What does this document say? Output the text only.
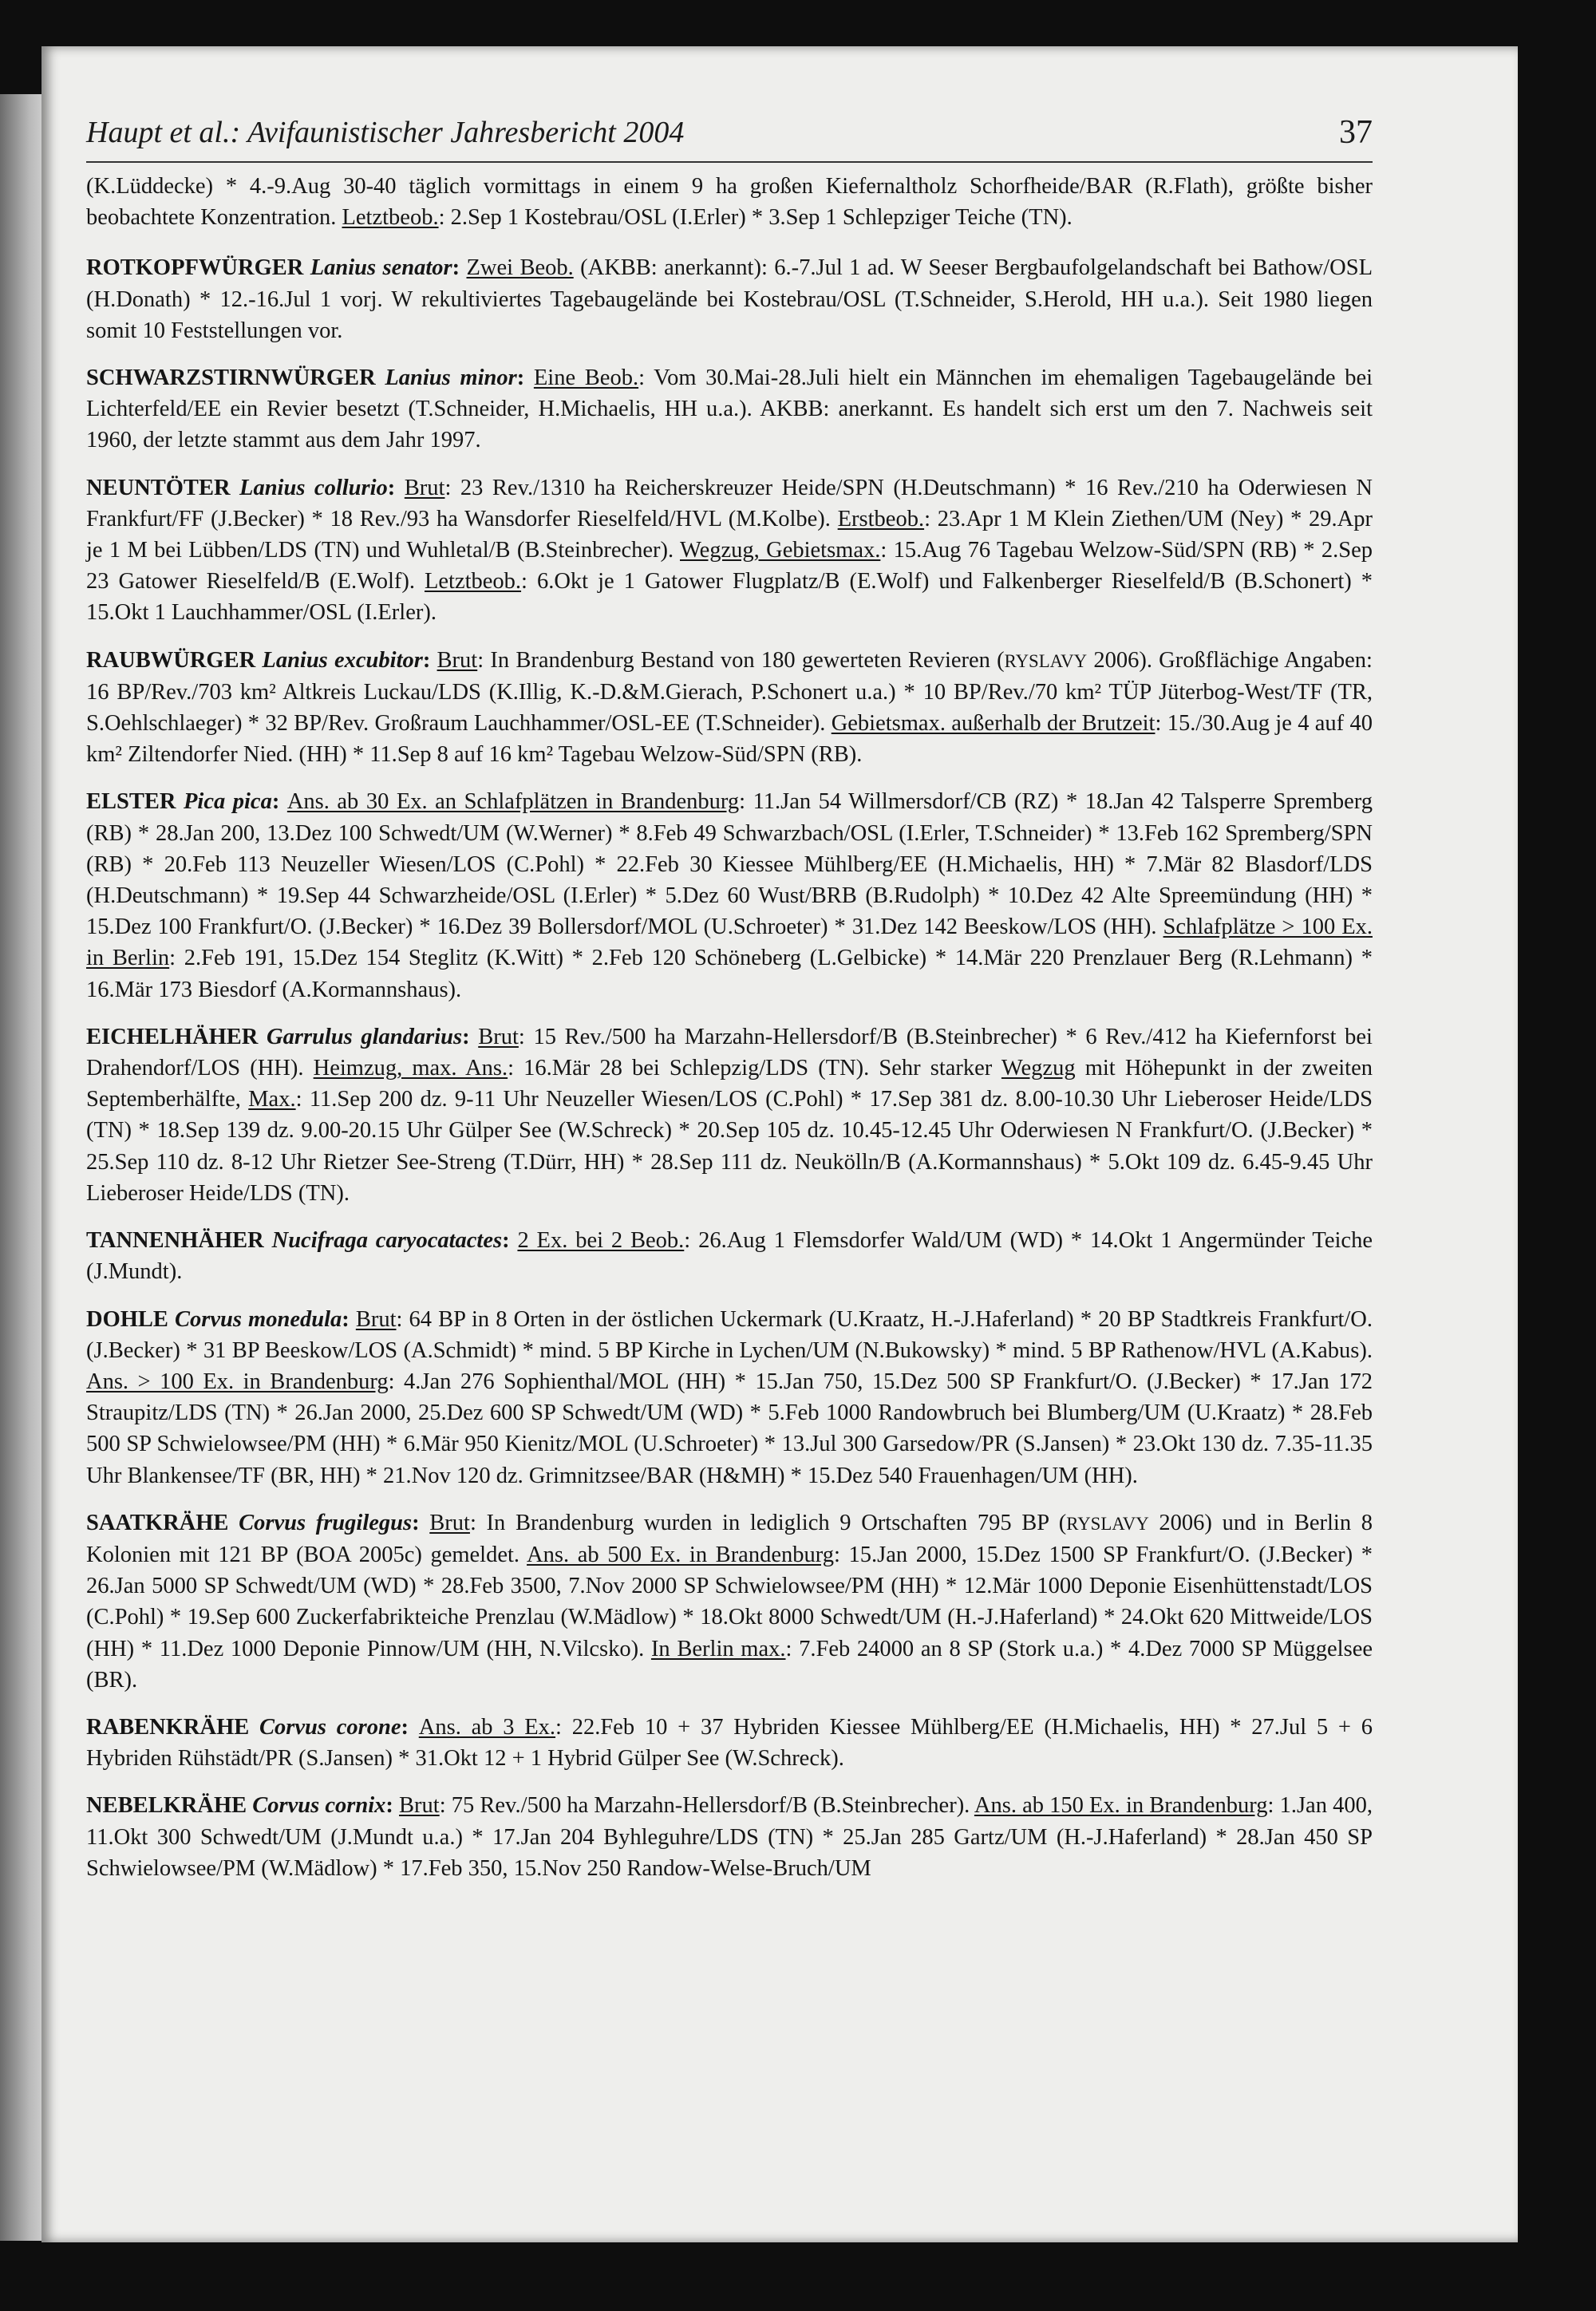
Haupt et al.: Avifaunistischer Jahresbericht 2004	37

(K.Lüddecke) * 4.-9.Aug 30-40 täglich vormittags in einem 9 ha großen Kiefernaltholz Schorfheide/BAR (R.Flath), größte bisher beobachtete Konzentration. Letztbeob.: 2.Sep 1 Kostebrau/OSL (I.Erler) * 3.Sep 1 Schlepziger Teiche (TN).

ROTKOPFWÜRGER Lanius senator: Zwei Beob. (AKBB: anerkannt): 6.-7.Jul 1 ad. W Seeser Bergbaufolgelandschaft bei Bathow/OSL (H.Donath) * 12.-16.Jul 1 vorj. W rekultiviertes Tagebaugelände bei Kostebrau/OSL (T.Schneider, S.Herold, HH u.a.). Seit 1980 liegen somit 10 Feststellungen vor.

SCHWARZSTIRNWÜRGER Lanius minor: Eine Beob.: Vom 30.Mai-28.Juli hielt ein Männchen im ehemaligen Tagebaugelände bei Lichterfeld/EE ein Revier besetzt (T.Schneider, H.Michaelis, HH u.a.). AKBB: anerkannt. Es handelt sich erst um den 7. Nachweis seit 1960, der letzte stammt aus dem Jahr 1997.

NEUNTÖTER Lanius collurio: Brut: 23 Rev./1310 ha Reicherskreuzer Heide/SPN (H.Deutschmann) * 16 Rev./210 ha Oderwiesen N Frankfurt/FF (J.Becker) * 18 Rev./93 ha Wansdorfer Rieselfeld/HVL (M.Kolbe). Erstbeob.: 23.Apr 1 M Klein Ziethen/UM (Ney) * 29.Apr je 1 M bei Lübben/LDS (TN) und Wuhletal/B (B.Steinbrecher). Wegzug, Gebietsmax.: 15.Aug 76 Tagebau Welzow-Süd/SPN (RB) * 2.Sep 23 Gatower Rieselfeld/B (E.Wolf). Letztbeob.: 6.Okt je 1 Gatower Flugplatz/B (E.Wolf) und Falkenberger Rieselfeld/B (B.Schonert) * 15.Okt 1 Lauchhammer/OSL (I.Erler).

RAUBWÜRGER Lanius excubitor: Brut: In Brandenburg Bestand von 180 gewerteten Revieren (RYSLAVY 2006). Großflächige Angaben: 16 BP/Rev./703 km² Altkreis Luckau/LDS (K.Illig, K.-D.&M.Gierach, P.Schonert u.a.) * 10 BP/Rev./70 km² TÜP Jüterbog-West/TF (TR, S.Oehlschlaeger) * 32 BP/Rev. Großraum Lauchhammer/OSL-EE (T.Schneider). Gebietsmax. außerhalb der Brutzeit: 15./30.Aug je 4 auf 40 km² Ziltendorfer Nied. (HH) * 11.Sep 8 auf 16 km² Tagebau Welzow-Süd/SPN (RB).

ELSTER Pica pica: Ans. ab 30 Ex. an Schlafplätzen in Brandenburg: 11.Jan 54 Willmersdorf/CB (RZ) * 18.Jan 42 Talsperre Spremberg (RB) * 28.Jan 200, 13.Dez 100 Schwedt/UM (W.Werner) * 8.Feb 49 Schwarzbach/OSL (I.Erler, T.Schneider) * 13.Feb 162 Spremberg/SPN (RB) * 20.Feb 113 Neuzeller Wiesen/LOS (C.Pohl) * 22.Feb 30 Kiessee Mühlberg/EE (H.Michaelis, HH) * 7.Mär 82 Blasdorf/LDS (H.Deutschmann) * 19.Sep 44 Schwarzheide/OSL (I.Erler) * 5.Dez 60 Wust/BRB (B.Rudolph) * 10.Dez 42 Alte Spreemündung (HH) * 15.Dez 100 Frankfurt/O. (J.Becker) * 16.Dez 39 Bollersdorf/MOL (U.Schroeter) * 31.Dez 142 Beeskow/LOS (HH). Schlafplätze > 100 Ex. in Berlin: 2.Feb 191, 15.Dez 154 Steglitz (K.Witt) * 2.Feb 120 Schöneberg (L.Gelbicke) * 14.Mär 220 Prenzlauer Berg (R.Lehmann) * 16.Mär 173 Biesdorf (A.Kormannshaus).

EICHELHÄHER Garrulus glandarius: Brut: 15 Rev./500 ha Marzahn-Hellersdorf/B (B.Steinbrecher) * 6 Rev./412 ha Kiefernforst bei Drahendorf/LOS (HH). Heimzug, max. Ans.: 16.Mär 28 bei Schlepzig/LDS (TN). Sehr starker Wegzug mit Höhepunkt in der zweiten Septemberhälfte, Max.: 11.Sep 200 dz. 9-11 Uhr Neuzeller Wiesen/LOS (C.Pohl) * 17.Sep 381 dz. 8.00-10.30 Uhr Lieberoser Heide/LDS (TN) * 18.Sep 139 dz. 9.00-20.15 Uhr Gülper See (W.Schreck) * 20.Sep 105 dz. 10.45-12.45 Uhr Oderwiesen N Frankfurt/O. (J.Becker) * 25.Sep 110 dz. 8-12 Uhr Rietzer See-Streng (T.Dürr, HH) * 28.Sep 111 dz. Neukölln/B (A.Kormannshaus) * 5.Okt 109 dz. 6.45-9.45 Uhr Lieberoser Heide/LDS (TN).

TANNENHÄHER Nucifraga caryocatactes: 2 Ex. bei 2 Beob.: 26.Aug 1 Flemsdorfer Wald/UM (WD) * 14.Okt 1 Angermünder Teiche (J.Mundt).

DOHLE Corvus monedula: Brut: 64 BP in 8 Orten in der östlichen Uckermark (U.Kraatz, H.-J.Haferland) * 20 BP Stadtkreis Frankfurt/O. (J.Becker) * 31 BP Beeskow/LOS (A.Schmidt) * mind. 5 BP Kirche in Lychen/UM (N.Bukowsky) * mind. 5 BP Rathenow/HVL (A.Kabus). Ans. > 100 Ex. in Brandenburg: 4.Jan 276 Sophienthal/MOL (HH) * 15.Jan 750, 15.Dez 500 SP Frankfurt/O. (J.Becker) * 17.Jan 172 Straupitz/LDS (TN) * 26.Jan 2000, 25.Dez 600 SP Schwedt/UM (WD) * 5.Feb 1000 Randowbruch bei Blumberg/UM (U.Kraatz) * 28.Feb 500 SP Schwielowsee/PM (HH) * 6.Mär 950 Kienitz/MOL (U.Schroeter) * 13.Jul 300 Garsedow/PR (S.Jansen) * 23.Okt 130 dz. 7.35-11.35 Uhr Blankensee/TF (BR, HH) * 21.Nov 120 dz. Grimnitzsee/BAR (H&MH) * 15.Dez 540 Frauenhagen/UM (HH).

SAATKRÄHE Corvus frugilegus: Brut: In Brandenburg wurden in lediglich 9 Ortschaften 795 BP (RYSLAVY 2006) und in Berlin 8 Kolonien mit 121 BP (BOA 2005c) gemeldet. Ans. ab 500 Ex. in Brandenburg: 15.Jan 2000, 15.Dez 1500 SP Frankfurt/O. (J.Becker) * 26.Jan 5000 SP Schwedt/UM (WD) * 28.Feb 3500, 7.Nov 2000 SP Schwielowsee/PM (HH) * 12.Mär 1000 Deponie Eisenhüttenstadt/LOS (C.Pohl) * 19.Sep 600 Zuckerfabrikteiche Prenzlau (W.Mädlow) * 18.Okt 8000 Schwedt/UM (H.-J.Haferland) * 24.Okt 620 Mittweide/LOS (HH) * 11.Dez 1000 Deponie Pinnow/UM (HH, N.Vilcsko). In Berlin max.: 7.Feb 24000 an 8 SP (Stork u.a.) * 4.Dez 7000 SP Müggelsee (BR).

RABENKRÄHE Corvus corone: Ans. ab 3 Ex.: 22.Feb 10 + 37 Hybriden Kiessee Mühlberg/EE (H.Michaelis, HH) * 27.Jul 5 + 6 Hybriden Rühstädt/PR (S.Jansen) * 31.Okt 12 + 1 Hybrid Gülper See (W.Schreck).

NEBELKRÄHE Corvus cornix: Brut: 75 Rev./500 ha Marzahn-Hellersdorf/B (B.Steinbrecher). Ans. ab 150 Ex. in Brandenburg: 1.Jan 400, 11.Okt 300 Schwedt/UM (J.Mundt u.a.) * 17.Jan 204 Byhleguhre/LDS (TN) * 25.Jan 285 Gartz/UM (H.-J.Haferland) * 28.Jan 450 SP Schwielowsee/PM (W.Mädlow) * 17.Feb 350, 15.Nov 250 Randow-Welse-Bruch/UM
